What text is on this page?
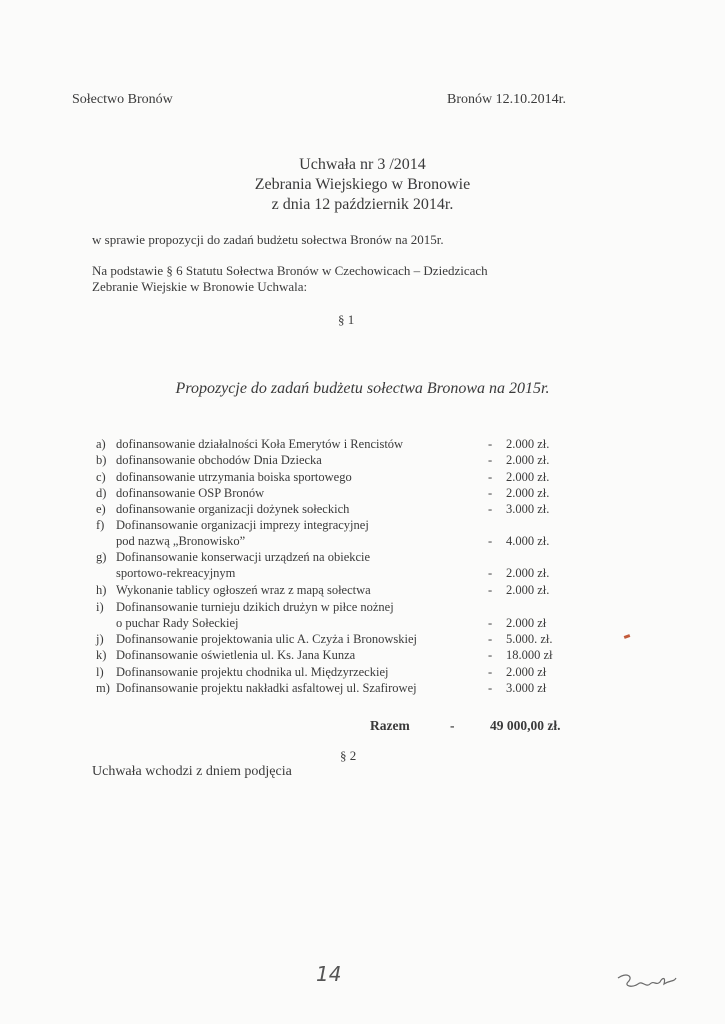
Sołectwo Bronów	Bronów 12.10.2014r.
Uchwała nr 3 /2014
Zebrania Wiejskiego w Bronowie
z dnia 12 październik 2014r.
w sprawie propozycji do zadań budżetu sołectwa Bronów na 2015r.
Na podstawie § 6 Statutu Sołectwa Bronów w Czechowicach – Dziedzicach
Zebranie Wiejskie w Bronowie Uchwala:
§ 1
Propozycje do zadań budżetu sołectwa Bronowa na 2015r.
a) dofinansowanie działalności Koła Emerytów i Rencistów	- 2.000 zł.
b) dofinansowanie obchodów Dnia Dziecka	- 2.000 zł.
c) dofinansowanie utrzymania boiska sportowego	- 2.000 zł.
d) dofinansowanie OSP Bronów	- 2.000 zł.
e) dofinansowanie organizacji dożynek sołeckich	- 3.000 zł.
f) Dofinansowanie organizacji imprezy integracyjnej
pod nazwą „Bronowisko”	- 4.000 zł.
g) Dofinansowanie konserwacji urządzeń na obiekcie
sportowo-rekreacyjnym	- 2.000 zł.
h) Wykonanie tablicy ogłoszeń wraz z mapą sołectwa	- 2.000 zł.
i) Dofinansowanie turnieju dzikich drużyn w piłce nożnej
o puchar Rady Sołeckiej	- 2.000 zł
j) Dofinansowanie projektowania ulic A. Czyża i Bronowskiej	- 5.000. zł.
k) Dofinansowanie oświetlenia ul. Ks. Jana Kunza	- 18.000 zł
l) Dofinansowanie projektu chodnika ul. Międzyrzeckiej	- 2.000 zł
m) Dofinansowanie projektu nakładki asfaltowej ul. Szafirowej	- 3.000 zł
Razem	-	49 000,00 zł.
§ 2
Uchwała wchodzi z dniem podjęcia
14
